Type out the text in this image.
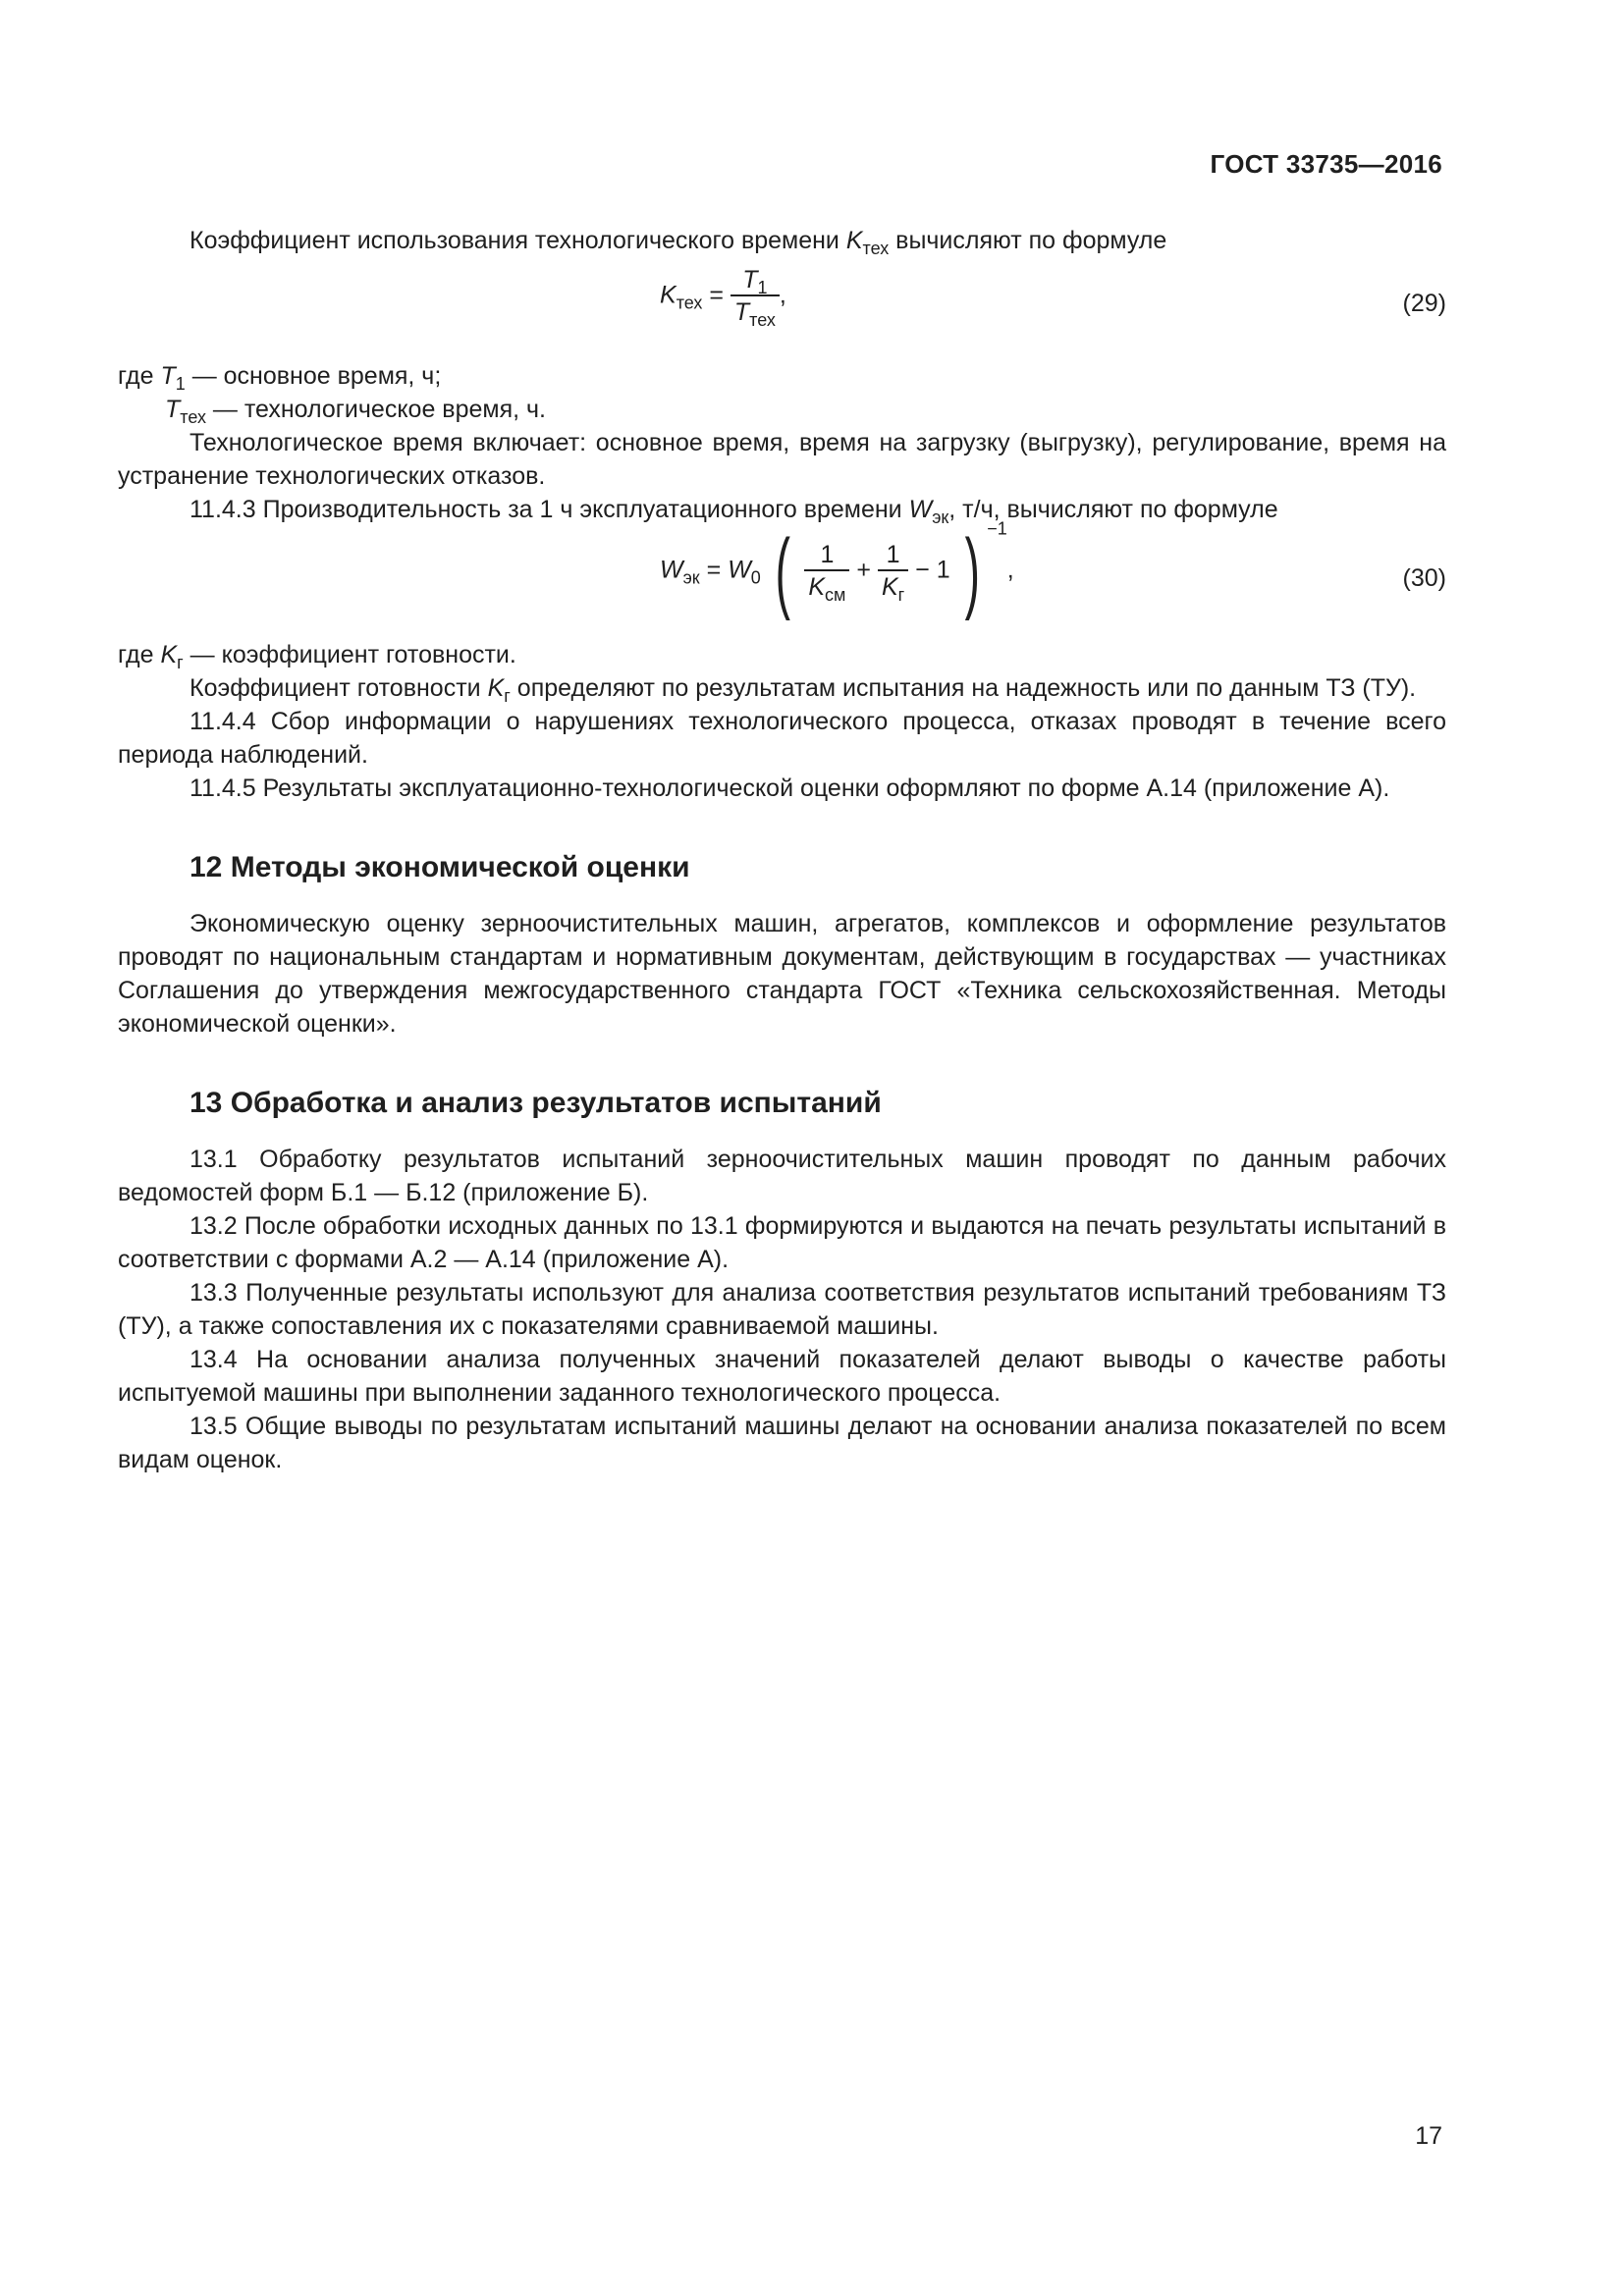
ГОСТ 33735—2016

Коэффициент использования технологического времени $K_{тех}$ вычисляют по формуле

$K_{тех} = \frac{T_1}{T_{тех}}$ ,	(29)

где $T_1$ — основное время, ч;

$T_{тех}$ — технологическое время, ч.

Технологическое время включает: основное время, время на загрузку (выгрузку), регулирование, время на устранение технологических отказов.

11.4.3 Производительность за 1 ч эксплуатационного времени $W_{эк}$, т/ч, вычисляют по формуле

$W_{эк} = W_0$ ( $\frac{1}{K_{см}} + \frac{1}{K_г} - 1$ ) $^{-1}$,	(30)

где $K_г$ — коэффициент готовности.

Коэффициент готовности $K_г$ определяют по результатам испытания на надежность или по данным ТЗ (ТУ).

11.4.4 Сбор информации о нарушениях технологического процесса, отказах проводят в течение всего периода наблюдений.

11.4.5 Результаты эксплуатационно-технологической оценки оформляют по форме А.14 (приложение А).

12 Методы экономической оценки

Экономическую оценку зерноочистительных машин, агрегатов, комплексов и оформление результатов проводят по национальным стандартам и нормативным документам, действующим в государствах — участниках Соглашения до утверждения межгосударственного стандарта ГОСТ «Техника сельскохозяйственная. Методы экономической оценки».

13 Обработка и анализ результатов испытаний

13.1 Обработку результатов испытаний зерноочистительных машин проводят по данным рабочих ведомостей форм Б.1 — Б.12 (приложение Б).

13.2 После обработки исходных данных по 13.1 формируются и выдаются на печать результаты испытаний в соответствии с формами А.2 — А.14 (приложение А).

13.3 Полученные результаты используют для анализа соответствия результатов испытаний требованиям ТЗ (ТУ), а также сопоставления их с показателями сравниваемой машины.

13.4 На основании анализа полученных значений показателей делают выводы о качестве работы испытуемой машины при выполнении заданного технологического процесса.

13.5 Общие выводы по результатам испытаний машины делают на основании анализа показателей по всем видам оценок.

17
